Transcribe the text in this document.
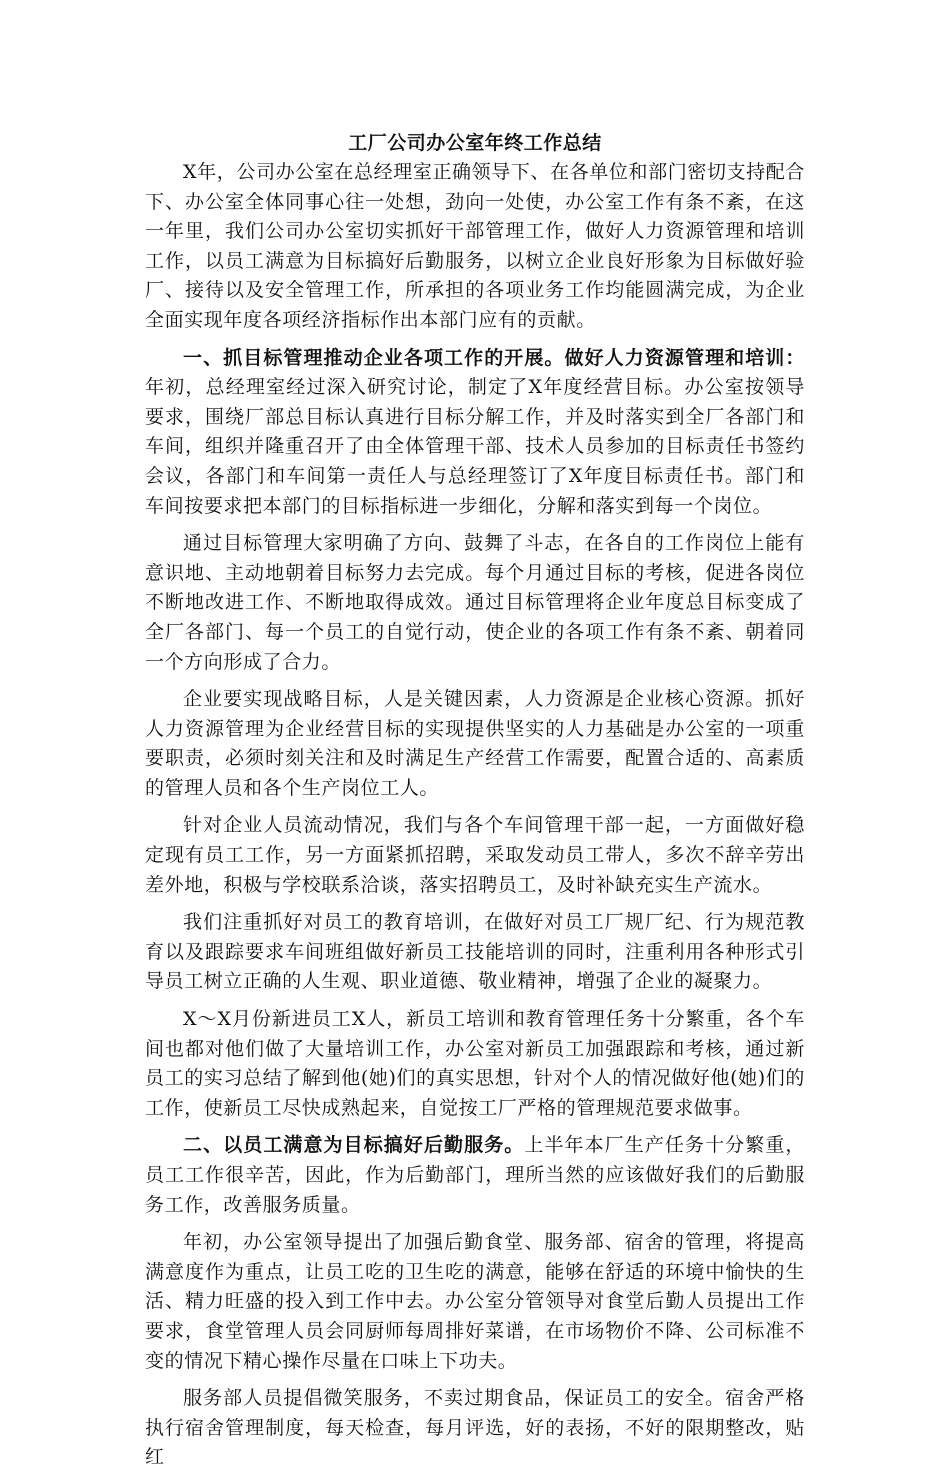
工厂公司办公室年终工作总结
X年，公司办公室在总经理室正确领导下、在各单位和部门密切支持配合下、办公室全体同事心往一处想，劲向一处使，办公室工作有条不紊，在这一年里，我们公司办公室切实抓好干部管理工作，做好人力资源管理和培训工作，以员工满意为目标搞好后勤服务，以树立企业良好形象为目标做好验厂、接待以及安全管理工作，所承担的各项业务工作均能圆满完成，为企业全面实现年度各项经济指标作出本部门应有的贡献。
一、抓目标管理推动企业各项工作的开展。做好人力资源管理和培训：年初，总经理室经过深入研究讨论，制定了X年度经营目标。办公室按领导要求，围绕厂部总目标认真进行目标分解工作，并及时落实到全厂各部门和车间，组织并隆重召开了由全体管理干部、技术人员参加的目标责任书签约会议，各部门和车间第一责任人与总经理签订了X年度目标责任书。部门和车间按要求把本部门的目标指标进一步细化，分解和落实到每一个岗位。
通过目标管理大家明确了方向、鼓舞了斗志，在各自的工作岗位上能有意识地、主动地朝着目标努力去完成。每个月通过目标的考核，促进各岗位不断地改进工作、不断地取得成效。通过目标管理将企业年度总目标变成了全厂各部门、每一个员工的自觉行动，使企业的各项工作有条不紊、朝着同一个方向形成了合力。
企业要实现战略目标，人是关键因素，人力资源是企业核心资源。抓好人力资源管理为企业经营目标的实现提供坚实的人力基础是办公室的一项重要职责，必须时刻关注和及时满足生产经营工作需要，配置合适的、高素质的管理人员和各个生产岗位工人。
针对企业人员流动情况，我们与各个车间管理干部一起，一方面做好稳定现有员工工作，另一方面紧抓招聘，采取发动员工带人，多次不辞辛劳出差外地，积极与学校联系洽谈，落实招聘员工，及时补缺充实生产流水。
我们注重抓好对员工的教育培训，在做好对员工厂规厂纪、行为规范教育以及跟踪要求车间班组做好新员工技能培训的同时，注重利用各种形式引导员工树立正确的人生观、职业道德、敬业精神，增强了企业的凝聚力。
X～X月份新进员工X人，新员工培训和教育管理任务十分繁重，各个车间也都对他们做了大量培训工作，办公室对新员工加强跟踪和考核，通过新员工的实习总结了解到他(她)们的真实思想，针对个人的情况做好他(她)们的工作，使新员工尽快成熟起来，自觉按工厂严格的管理规范要求做事。
二、以员工满意为目标搞好后勤服务。上半年本厂生产任务十分繁重，员工工作很辛苦，因此，作为后勤部门，理所当然的应该做好我们的后勤服务工作，改善服务质量。
年初，办公室领导提出了加强后勤食堂、服务部、宿舍的管理，将提高满意度作为重点，让员工吃的卫生吃的满意，能够在舒适的环境中愉快的生活、精力旺盛的投入到工作中去。办公室分管领导对食堂后勤人员提出工作要求，食堂管理人员会同厨师每周排好菜谱，在市场物价不降、公司标准不变的情况下精心操作尽量在口味上下功夫。
服务部人员提倡微笑服务，不卖过期食品，保证员工的安全。宿舍严格执行宿舍管理制度，每天检查，每月评选，好的表扬，不好的限期整改，贴红
